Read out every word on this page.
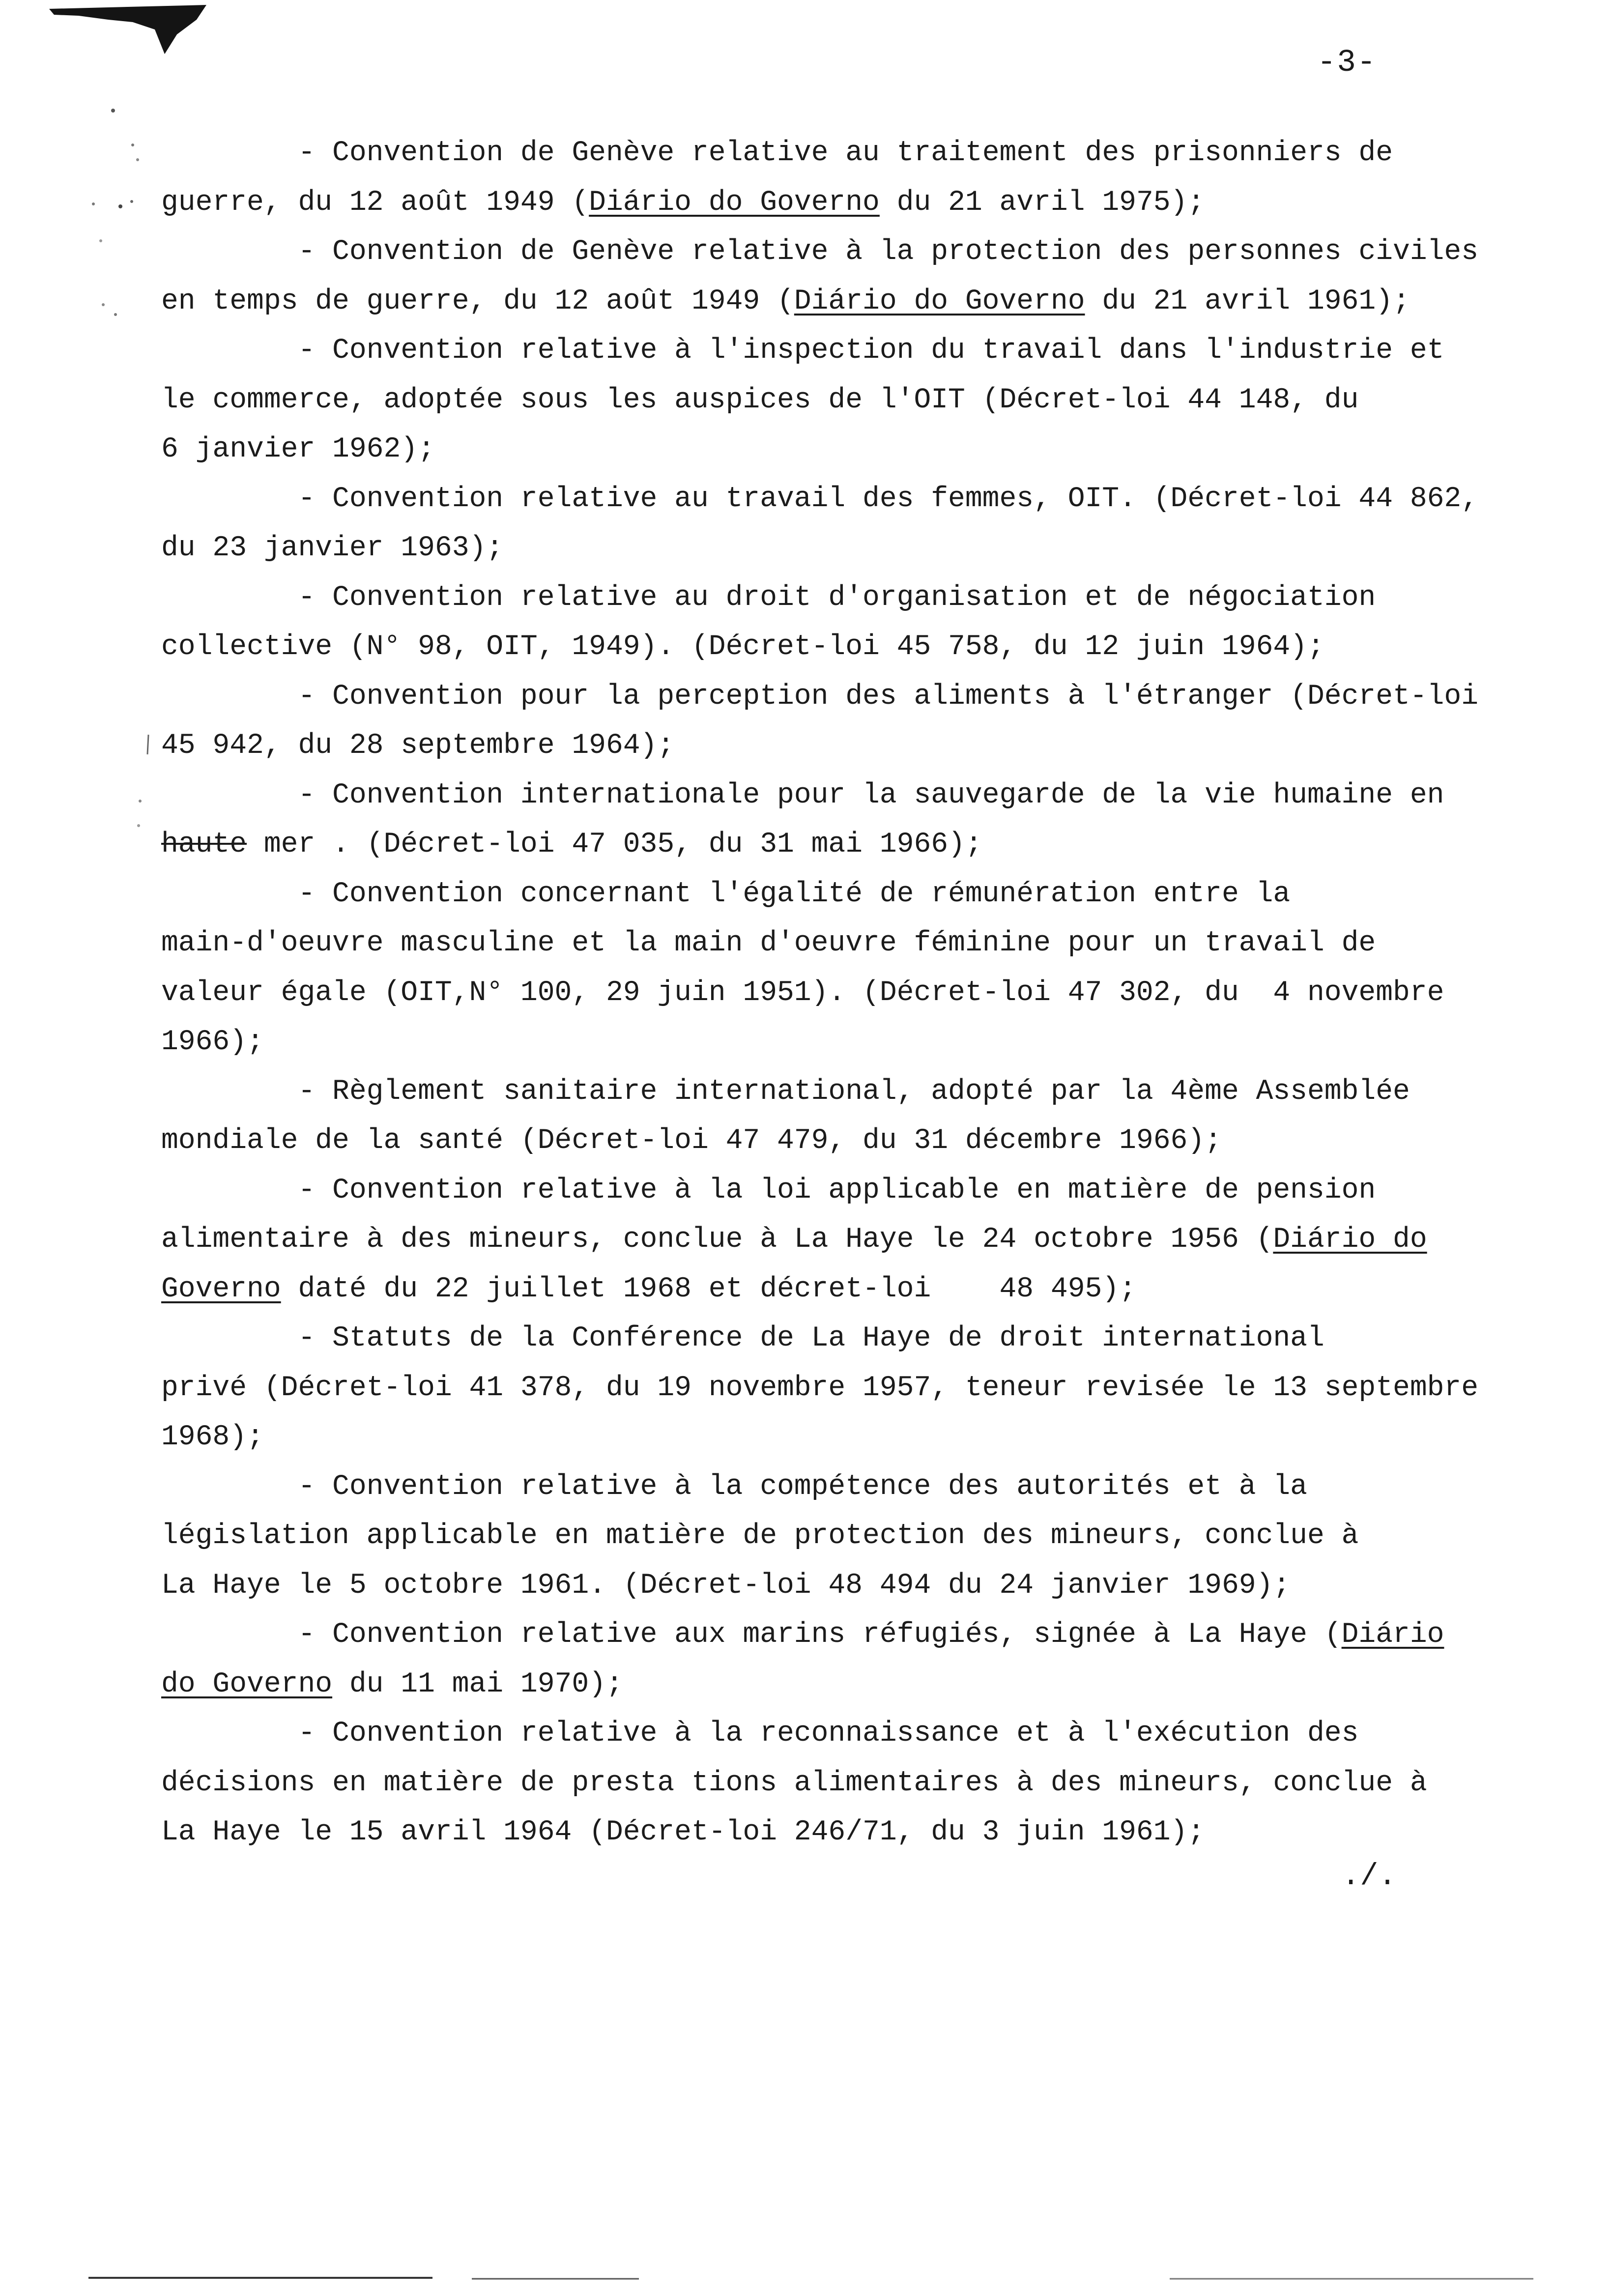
-3-
- Convention de Genève relative au traitement des prisonniers de
guerre, du 12 août 1949 (Diário do Governo du 21 avril 1975);
- Convention de Genève relative à la protection des personnes civiles
en temps de guerre, du 12 août 1949 (Diário do Governo du 21 avril 1961);
- Convention relative à l'inspection du travail dans l'industrie et
le commerce, adoptée sous les auspices de l'OIT (Décret-loi 44 148, du
6 janvier 1962);
- Convention relative au travail des femmes, OIT. (Décret-loi 44 862,
du 23 janvier 1963);
- Convention relative au droit d'organisation et de négociation
collective (N° 98, OIT, 1949). (Décret-loi 45 758, du 12 juin 1964);
- Convention pour la perception des aliments à l'étranger (Décret-loi
45 942, du 28 septembre 1964);
- Convention internationale pour la sauvegarde de la vie humaine en
haute mer . (Décret-loi 47 035, du 31 mai 1966);
- Convention concernant l'égalité de rémunération entre la
main-d'oeuvre masculine et la main d'oeuvre féminine pour un travail de
valeur égale (OIT,N° 100, 29 juin 1951). (Décret-loi 47 302, du  4 novembre
1966);
- Règlement sanitaire international, adopté par la 4ème Assemblée
mondiale de la santé (Décret-loi 47 479, du 31 décembre 1966);
- Convention relative à la loi applicable en matière de pension
alimentaire à des mineurs, conclue à La Haye le 24 octobre 1956 (Diário do
Governo daté du 22 juillet 1968 et décret-loi    48 495);
- Statuts de la Conférence de La Haye de droit international
privé (Décret-loi 41 378, du 19 novembre 1957, teneur revisée le 13 septembre
1968);
- Convention relative à la compétence des autorités et à la
législation applicable en matière de protection des mineurs, conclue à
La Haye le 5 octobre 1961. (Décret-loi 48 494 du 24 janvier 1969);
- Convention relative aux marins réfugiés, signée à La Haye (Diário
do Governo du 11 mai 1970);
- Convention relative à la reconnaissance et à l'exécution des
décisions en matière de presta tions alimentaires à des mineurs, conclue à
La Haye le 15 avril 1964 (Décret-loi 246/71, du 3 juin 1961);
./.
